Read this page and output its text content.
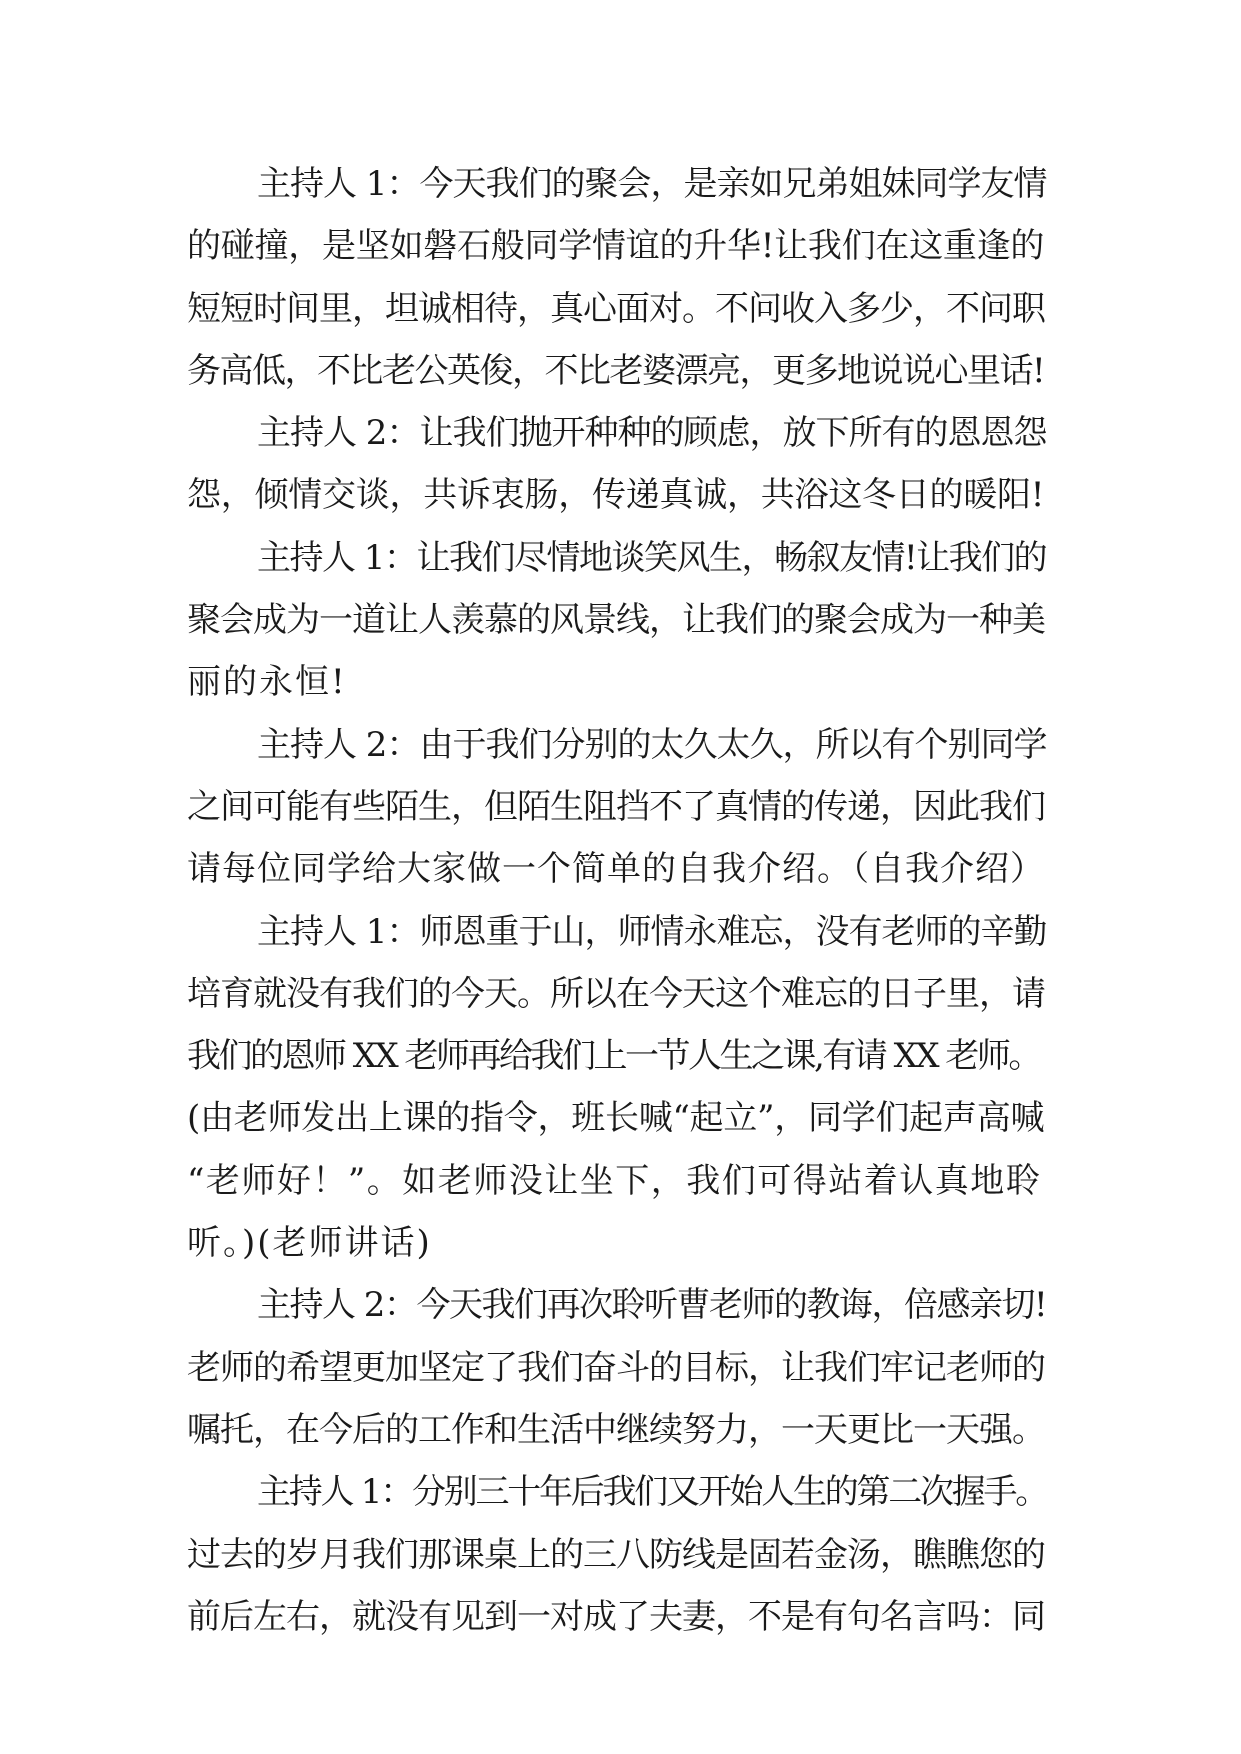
主持人 1：今天我们的聚会，是亲如兄弟姐妹同学友情
的碰撞，是坚如磐石般同学情谊的升华!让我们在这重逢的
短短时间里，坦诚相待，真心面对。不问收入多少，不问职
务高低，不比老公英俊，不比老婆漂亮，更多地说说心里话!
主持人 2：让我们抛开种种的顾虑，放下所有的恩恩怨
怨，倾情交谈，共诉衷肠，传递真诚，共浴这冬日的暖阳!
主持人 1：让我们尽情地谈笑风生，畅叙友情!让我们的
聚会成为一道让人羡慕的风景线，让我们的聚会成为一种美
丽的永恒!
主持人 2：由于我们分别的太久太久，所以有个别同学
之间可能有些陌生，但陌生阻挡不了真情的传递，因此我们
请每位同学给大家做一个简单的自我介绍。（自我介绍）
主持人 1：师恩重于山，师情永难忘，没有老师的辛勤
培育就没有我们的今天。所以在今天这个难忘的日子里，请
我们的恩师 XX 老师再给我们上一节人生之课,有请 XX 老师。
(由老师发出上课的指令，班长喊“起立”，同学们起声高喊
“老师好！”。如老师没让坐下，我们可得站着认真地聆
听。)(老师讲话)
主持人 2：今天我们再次聆听曹老师的教诲，倍感亲切!
老师的希望更加坚定了我们奋斗的目标，让我们牢记老师的
嘱托，在今后的工作和生活中继续努力，一天更比一天强。
主持人 1：分别三十年后我们又开始人生的第二次握手。
过去的岁月我们那课桌上的三八防线是固若金汤，瞧瞧您的
前后左右，就没有见到一对成了夫妻，不是有句名言吗：同
